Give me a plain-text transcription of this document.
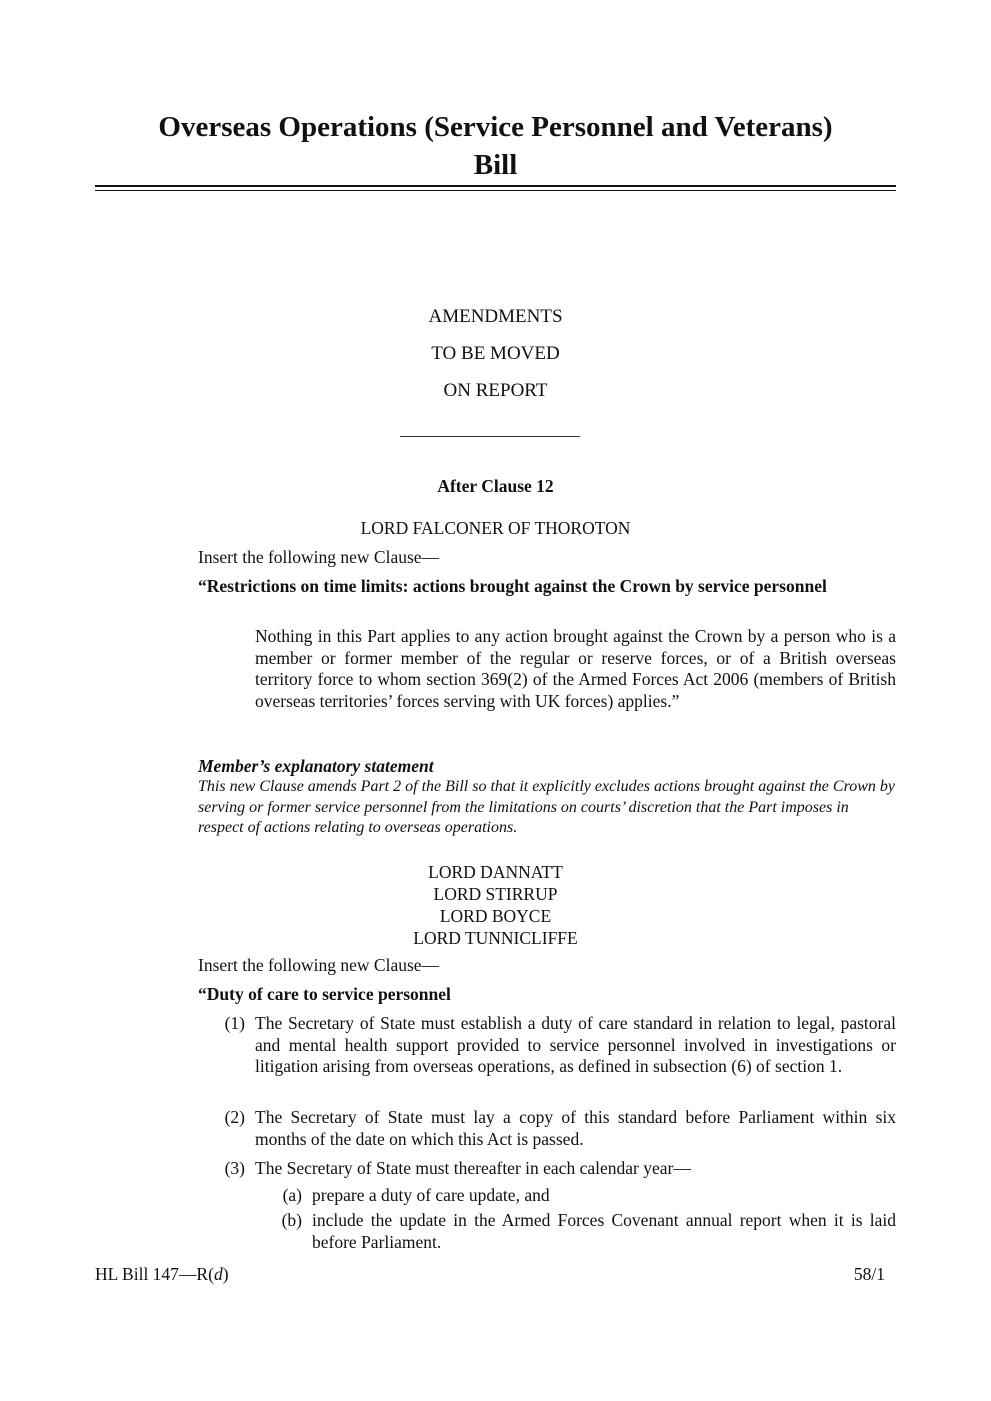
Overseas Operations (Service Personnel and Veterans)
Bill
AMENDMENTS
TO BE MOVED
ON REPORT
After Clause 12
LORD FALCONER OF THOROTON
Insert the following new Clause—
“Restrictions on time limits: actions brought against the Crown by service personnel
Nothing in this Part applies to any action brought against the Crown by a person who is a member or former member of the regular or reserve forces, or of a British overseas territory force to whom section 369(2) of the Armed Forces Act 2006 (members of British overseas territories’ forces serving with UK forces) applies.”
Member’s explanatory statement
This new Clause amends Part 2 of the Bill so that it explicitly excludes actions brought against the Crown by serving or former service personnel from the limitations on courts’ discretion that the Part imposes in respect of actions relating to overseas operations.
LORD DANNATT
LORD STIRRUP
LORD BOYCE
LORD TUNNICLIFFE
Insert the following new Clause—
“Duty of care to service personnel
(1) The Secretary of State must establish a duty of care standard in relation to legal, pastoral and mental health support provided to service personnel involved in investigations or litigation arising from overseas operations, as defined in subsection (6) of section 1.
(2) The Secretary of State must lay a copy of this standard before Parliament within six months of the date on which this Act is passed.
(3) The Secretary of State must thereafter in each calendar year—
(a) prepare a duty of care update, and
(b) include the update in the Armed Forces Covenant annual report when it is laid before Parliament.
HL Bill 147—R(d)	58/1
